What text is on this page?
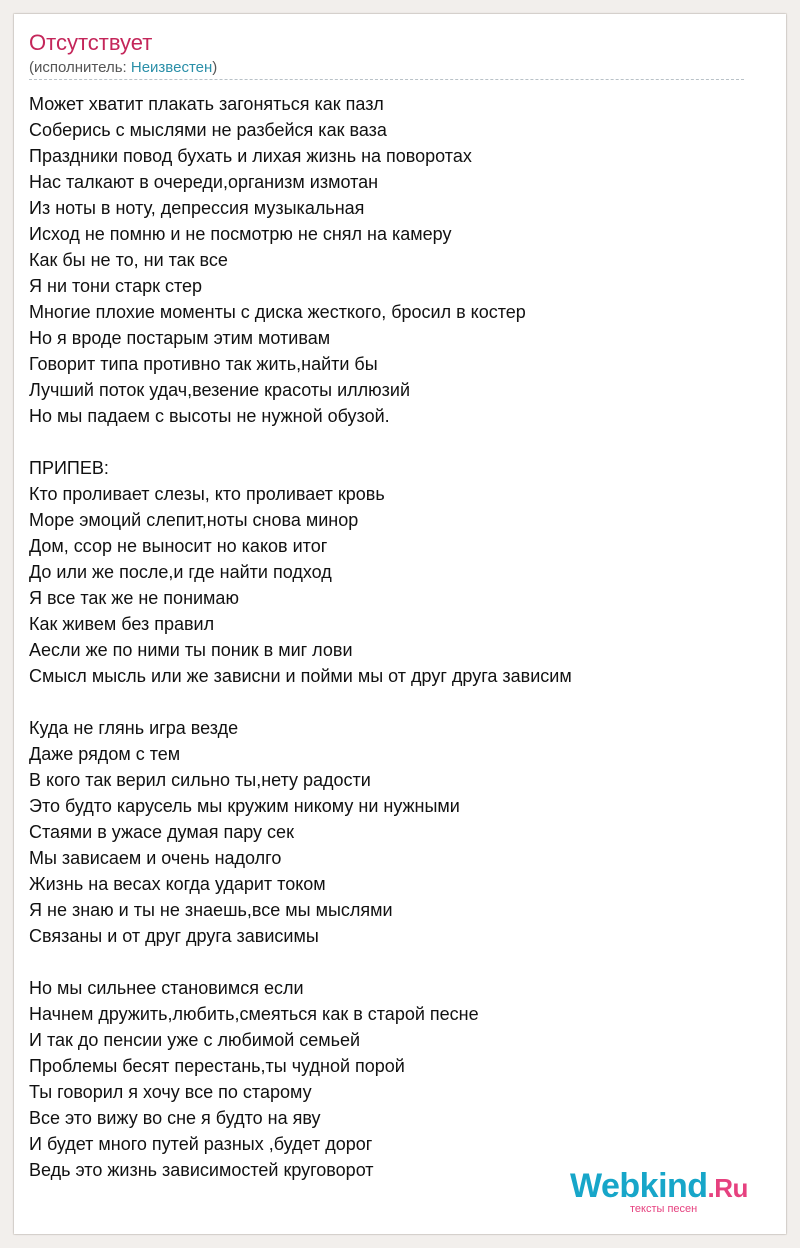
Отсутствует
(исполнитель: Неизвестен)
Может хватит плакать загоняться как пазл
Соберись с мыслями не разбейся как ваза
Праздники повод бухать и лихая жизнь на поворотах
Нас талкают в очереди,организм измотан
Из ноты в ноту, депрессия музыкальная
Исход не помню и не посмотрю не снял на камеру
Как бы не то, ни так все
Я ни тони старк стер
Многие плохие моменты с диска жесткого, бросил в костер
Но я вроде постарым этим мотивам
Говорит типа противно так жить,найти бы
Лучший поток удач,везение красоты иллюзий
Но мы падаем с высоты не нужной обузой.
ПРИПЕВ:
Кто проливает слезы, кто проливает кровь
Море эмоций слепит,ноты снова минор
Дом, ссор не выносит но каков итог
До или же после,и где найти подход
Я все так же не понимаю
Как живем без правил
Аесли же по ними ты поник в миг лови
Смысл мысль или же зависни и пойми мы от друг друга зависим
Куда не глянь игра везде
Даже рядом с тем
В кого так верил сильно ты,нету радости
Это будто карусель мы кружим никому ни нужными
Стаями в ужасе думая пару сек
Мы зависаем и очень надолго
Жизнь на весах когда ударит током
Я не знаю и ты не знаешь,все мы мыслями
Связаны и от друг друга зависимы
Но мы сильнее становимся если
Начнем дружить,любить,смеяться как в старой песне
И так до пенсии уже с любимой семьей
Проблемы бесят перестань,ты чудной порой
Ты говорил я хочу все по старому
Все это вижу во сне я будто на яву
И будет много путей разных ,будет дорог
Ведь это жизнь зависимостей круговорот	Webkind.Ru
тексты песен
